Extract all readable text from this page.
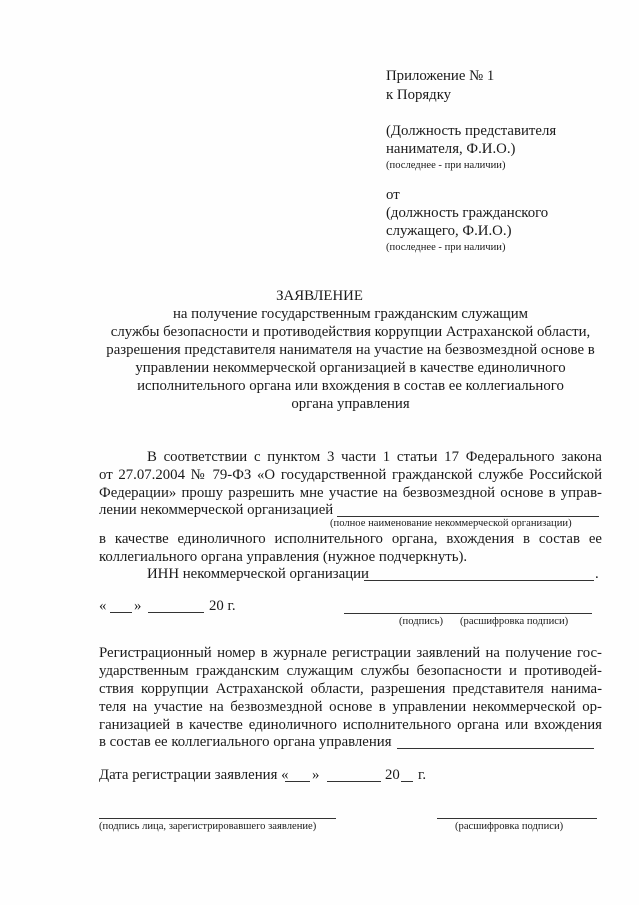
Приложение № 1
к Порядку
(Должность представителя
нанимателя, Ф.И.О.)
(последнее - при наличии)
от
(должность гражданского
служащего, Ф.И.О.)
(последнее - при наличии)
ЗАЯВЛЕНИЕ
на получение государственным гражданским служащим
службы безопасности и противодействия коррупции Астраханской области,
разрешения представителя нанимателя на участие на безвозмездной основе в
управлении некоммерческой организацией в качестве единоличного
исполнительного органа или вхождения в состав ее коллегиального
органа управления
В соответствии с пунктом 3 части 1 статьи 17 Федерального закона
от 27.07.2004 № 79-ФЗ «О государственной гражданской службе Российской
Федерации» прошу разрешить мне участие на безвозмездной основе в управ-
лении некоммерческой организацией
(полное наименование некоммерческой организации)
в качестве единоличного исполнительного органа, вхождения в состав ее
коллегиального органа управления (нужное подчеркнуть).
ИНН некоммерческой организации	.
« »	20 г.
(подпись) (расшифровка подписи)
Регистрационный номер в журнале регистрации заявлений на получение гос-
ударственным гражданским служащим службы безопасности и противодей-
ствия коррупции Астраханской области, разрешения представителя нанима-
теля на участие на безвозмездной основе в управлении некоммерческой ор-
ганизацией в качестве единоличного исполнительного органа или вхождения
в состав ее коллегиального органа управления
Дата регистрации заявления « »	20 г.
(подпись лица, зарегистрировавшего заявление)	(расшифровка подписи)
